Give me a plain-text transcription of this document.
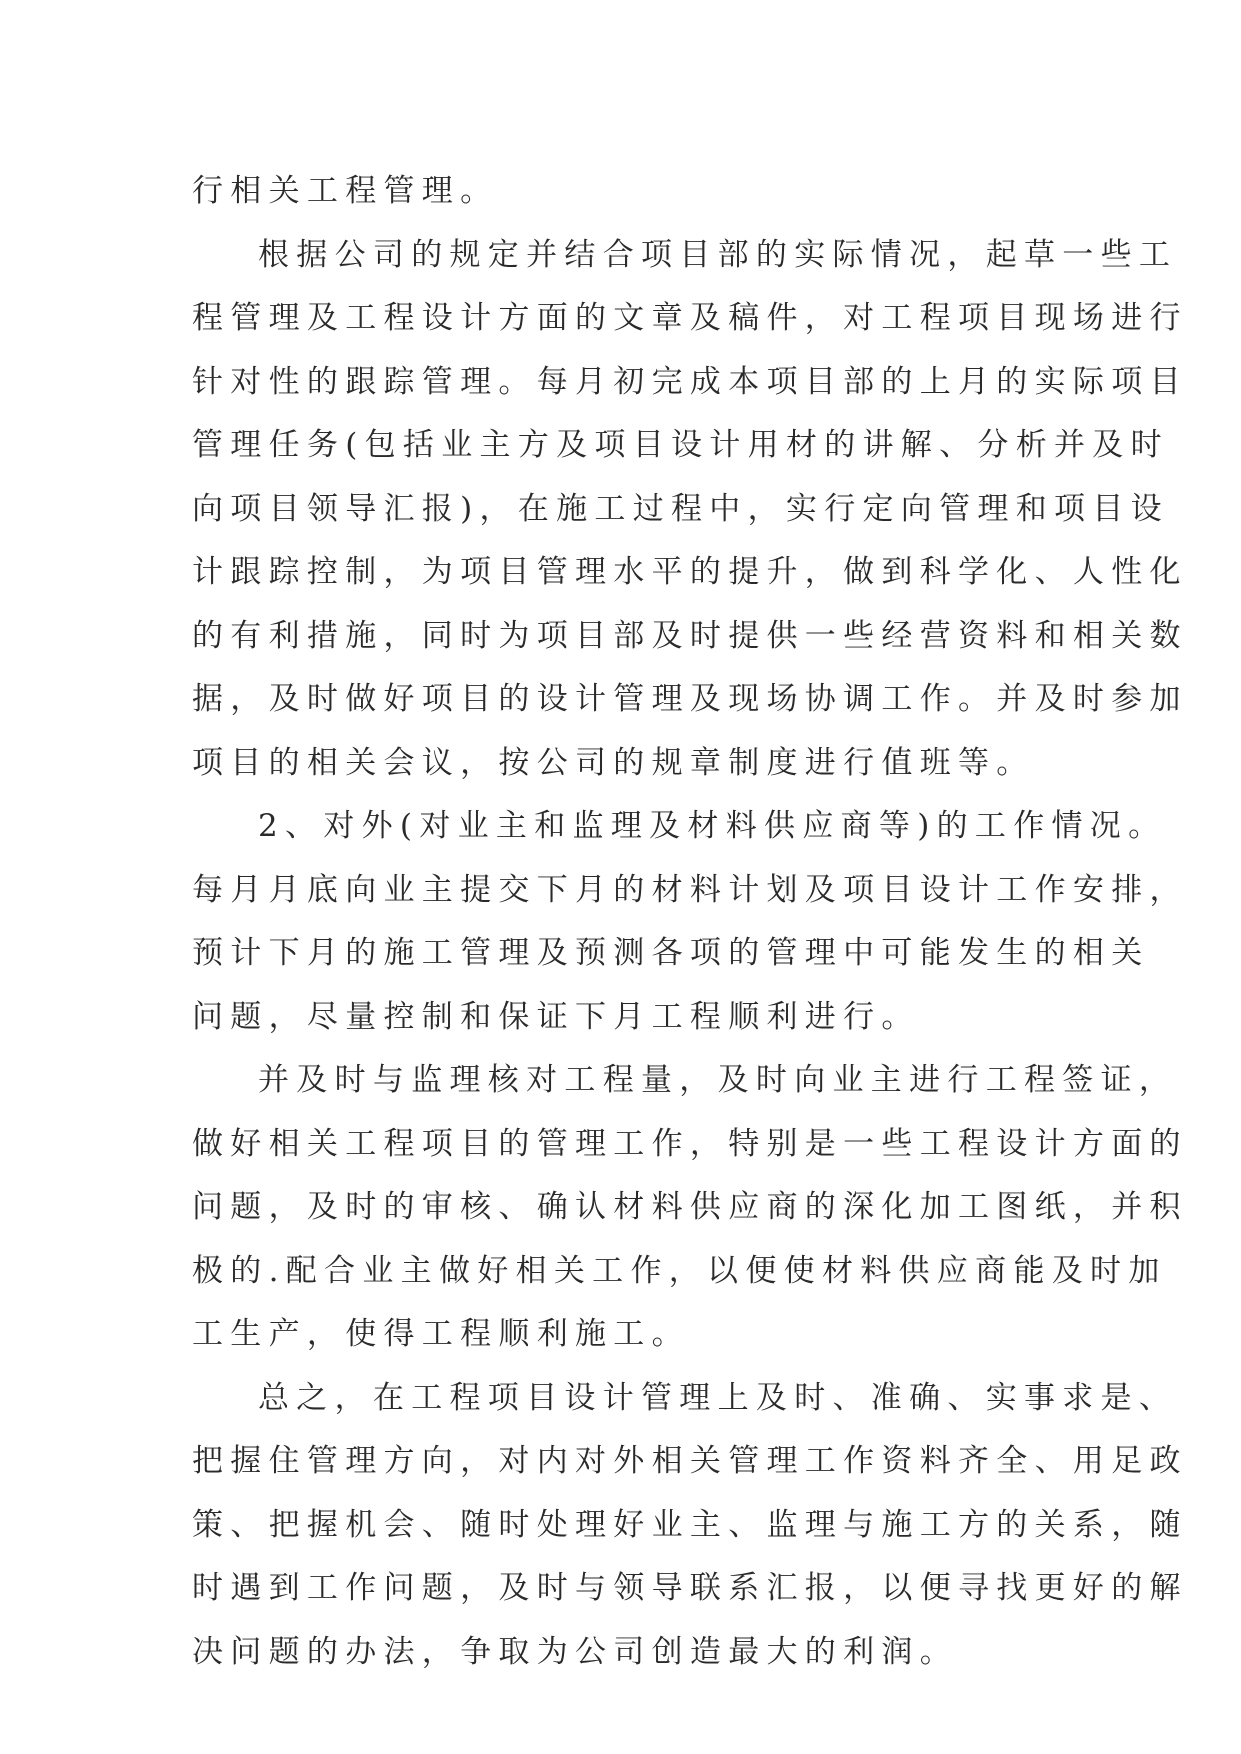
行相关工程管理。
根据公司的规定并结合项目部的实际情况，起草一些工
程管理及工程设计方面的文章及稿件，对工程项目现场进行
针对性的跟踪管理。每月初完成本项目部的上月的实际项目
管理任务(包括业主方及项目设计用材的讲解、分析并及时
向项目领导汇报)，在施工过程中，实行定向管理和项目设
计跟踪控制，为项目管理水平的提升，做到科学化、人性化
的有利措施，同时为项目部及时提供一些经营资料和相关数
据，及时做好项目的设计管理及现场协调工作。并及时参加
项目的相关会议，按公司的规章制度进行值班等。
2、对外(对业主和监理及材料供应商等)的工作情况。
每月月底向业主提交下月的材料计划及项目设计工作安排，
预计下月的施工管理及预测各项的管理中可能发生的相关
问题，尽量控制和保证下月工程顺利进行。
并及时与监理核对工程量，及时向业主进行工程签证，
做好相关工程项目的管理工作，特别是一些工程设计方面的
问题，及时的审核、确认材料供应商的深化加工图纸，并积
极的.配合业主做好相关工作，以便使材料供应商能及时加
工生产，使得工程顺利施工。
总之，在工程项目设计管理上及时、准确、实事求是、
把握住管理方向，对内对外相关管理工作资料齐全、用足政
策、把握机会、随时处理好业主、监理与施工方的关系，随
时遇到工作问题，及时与领导联系汇报，以便寻找更好的解
决问题的办法，争取为公司创造最大的利润。
